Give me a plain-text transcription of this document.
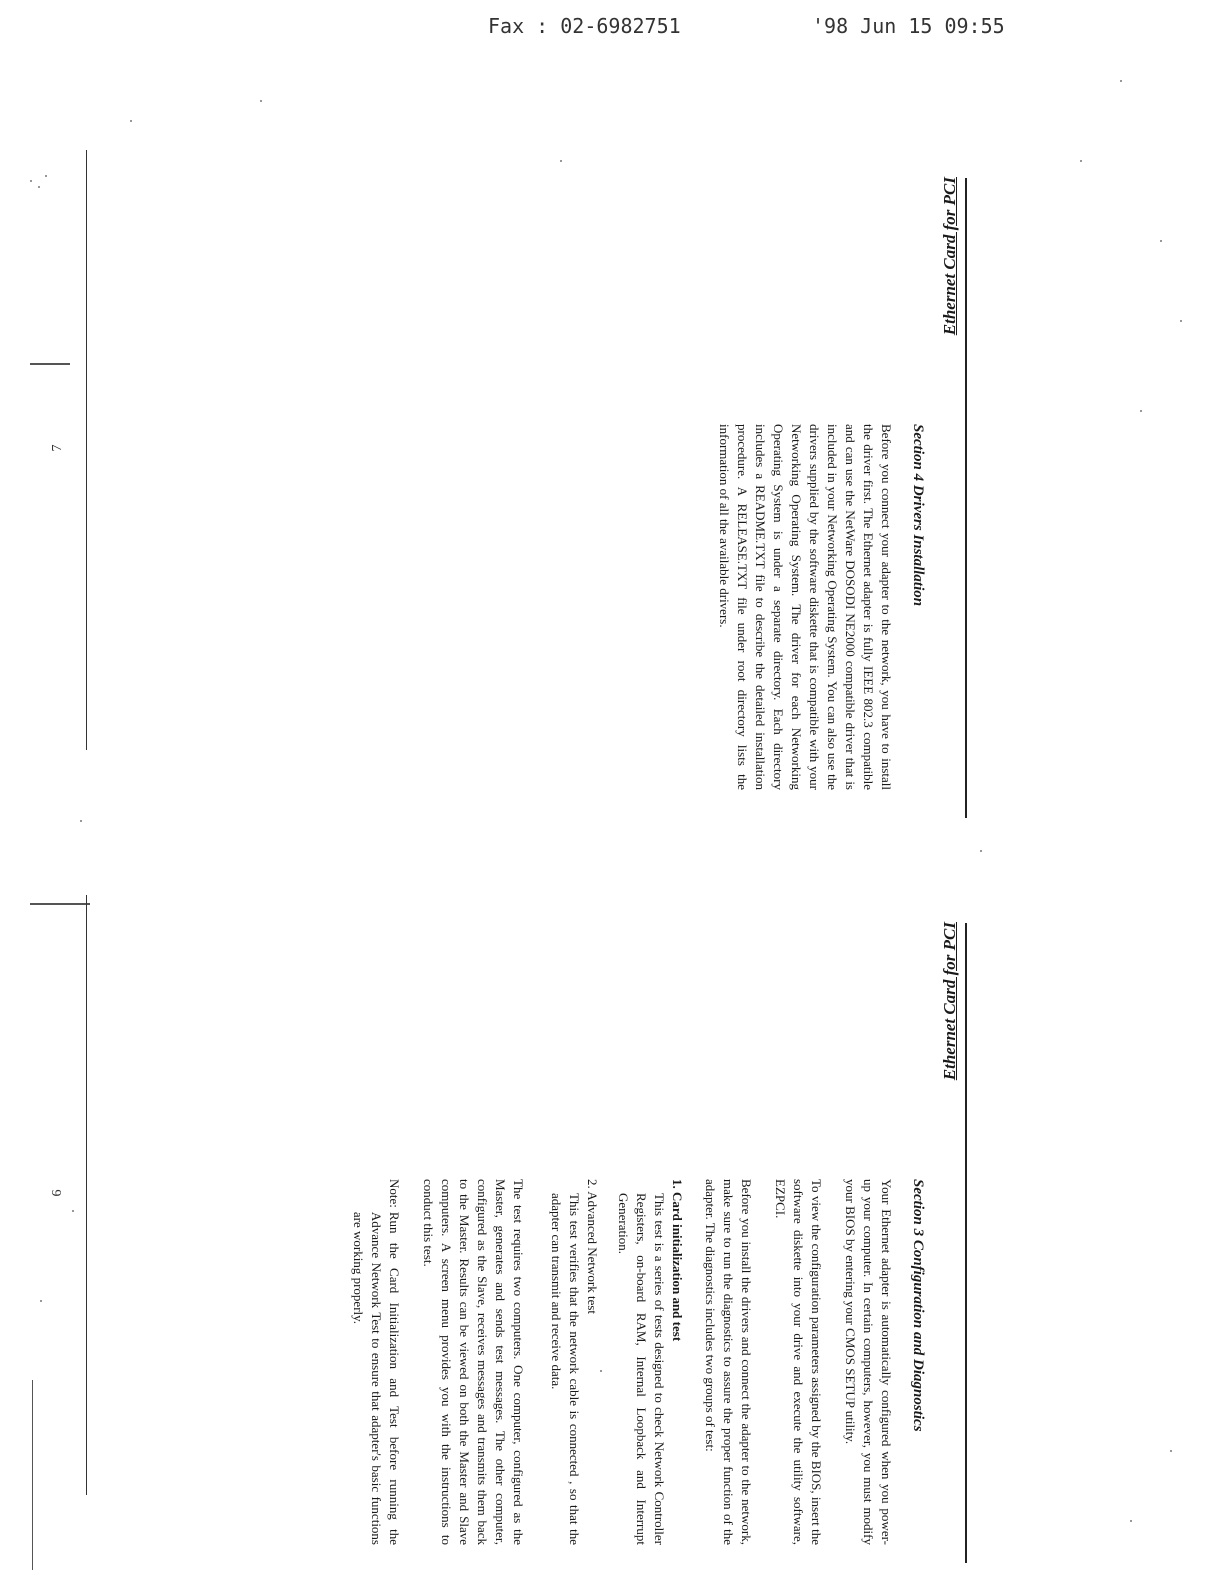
Fax : 02-6982751	'98 Jun 15 09:55
6
Ethernet Card for PCI
Section 3 Configuration and Diagnostics

Your Ethernet adapter is automatically configured when you power-up your computer. In certain computers, however, you must modify your BIOS by entering your CMOS SETUP utility.

To view the configuration parameters assigned by the BIOS, insert the software diskette into your drive and execute the utility software, EZPCI.

Before you install the drivers and connect the adapter to the network, make sure to run the diagnostics to assure the proper function of the adapter. The diagnostics includes two groups of test:

1. Card initialization and test
This test is a series of tests designed to check Network Controller Registers, on-board RAM, Internal Loopback and Interrupt Generation.
2. Advanced Network test
This test verifies that the network cable is connected , so that the adapter can transmit and receive data.

The test requires two computers. One computer, configured as the Master, generates and sends test messages. The other computer, configured as the Slave, receives messages and transmits them back to the Master. Results can be viewed on both the Master and Slave computers. A screen menu provides you with the instructions to conduct this test.

Note:
Run the Card Initialization and Test before running the Advance Network Test to ensure that adapter's basic functions are working properly.
7
Ethernet Card for PCI
Section 4 Drivers Installation

Before you connect your adapter to the network, you have to install the driver first. The Ethernet adapter is fully IEEE 802.3 compatible and can use the NetWare DOSODI NE2000 compatible driver that is included in your Networking Operating System. You can also use the drivers supplied by the software diskette that is compatible with your Networking Operating System. The driver for each Networking Operating System is under a separate directory. Each directory includes a README.TXT file to describe the detailed installation procedure. A RELEASE.TXT file under root directory lists the information of all the available drivers.
